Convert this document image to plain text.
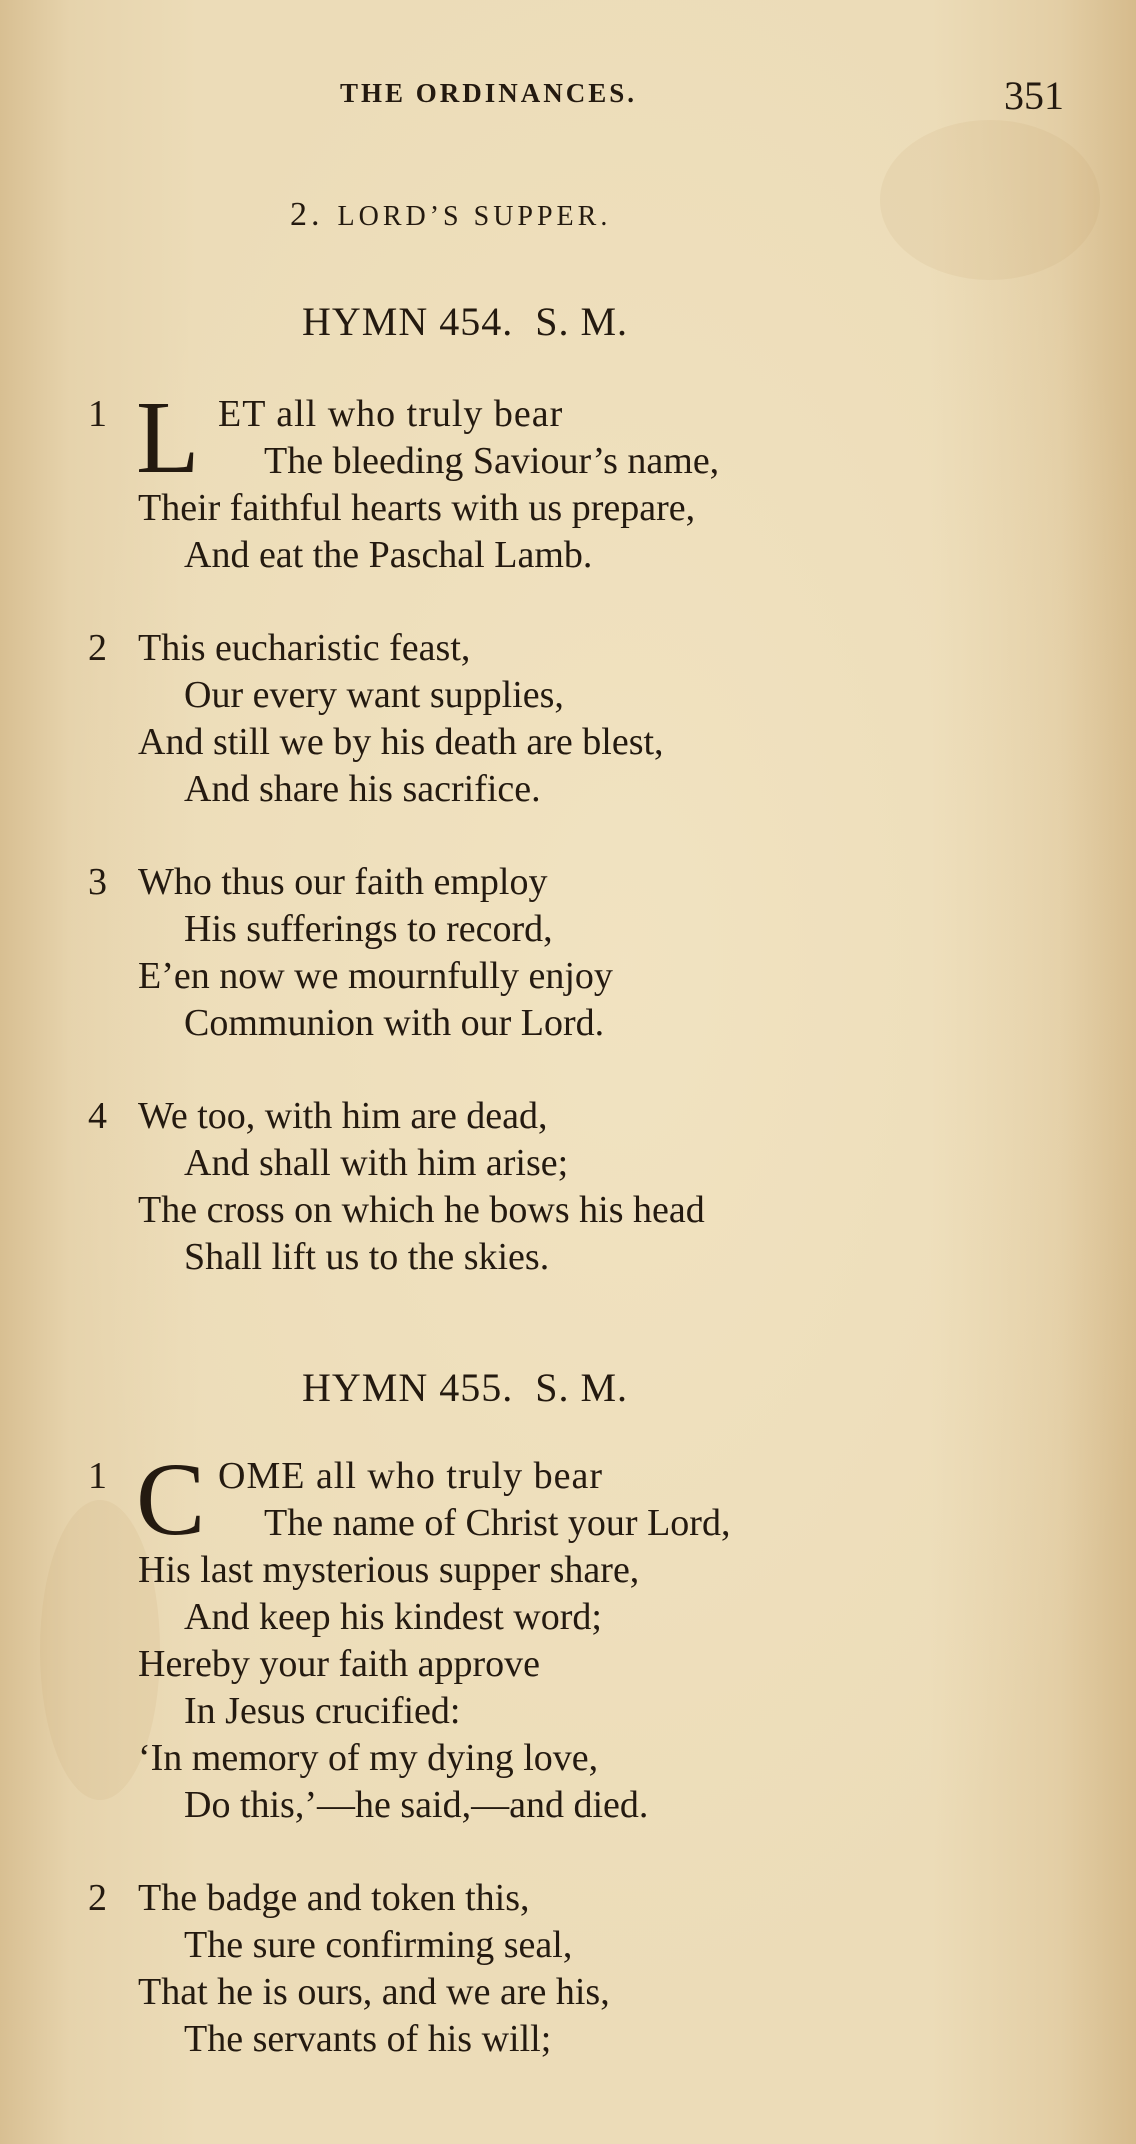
THE ORDINANCES.	351
2. LORD’S SUPPER.
HYMN 454. S. M.
1 L ET all who truly bear
The bleeding Saviour’s name,
Their faithful hearts with us prepare,
And eat the Paschal Lamb.
2 This eucharistic feast,
Our every want supplies,
And still we by his death are blest,
And share his sacrifice.
3 Who thus our faith employ
His sufferings to record,
E’en now we mournfully enjoy
Communion with our Lord.
4 We too, with him are dead,
And shall with him arise;
The cross on which he bows his head
Shall lift us to the skies.
HYMN 455. S. M.
1 C OME all who truly bear
The name of Christ your Lord,
His last mysterious supper share,
And keep his kindest word;
Hereby your faith approve
In Jesus crucified:
‘In memory of my dying love,
Do this,’—he said,—and died.
2 The badge and token this,
The sure confirming seal,
That he is ours, and we are his,
The servants of his will;
